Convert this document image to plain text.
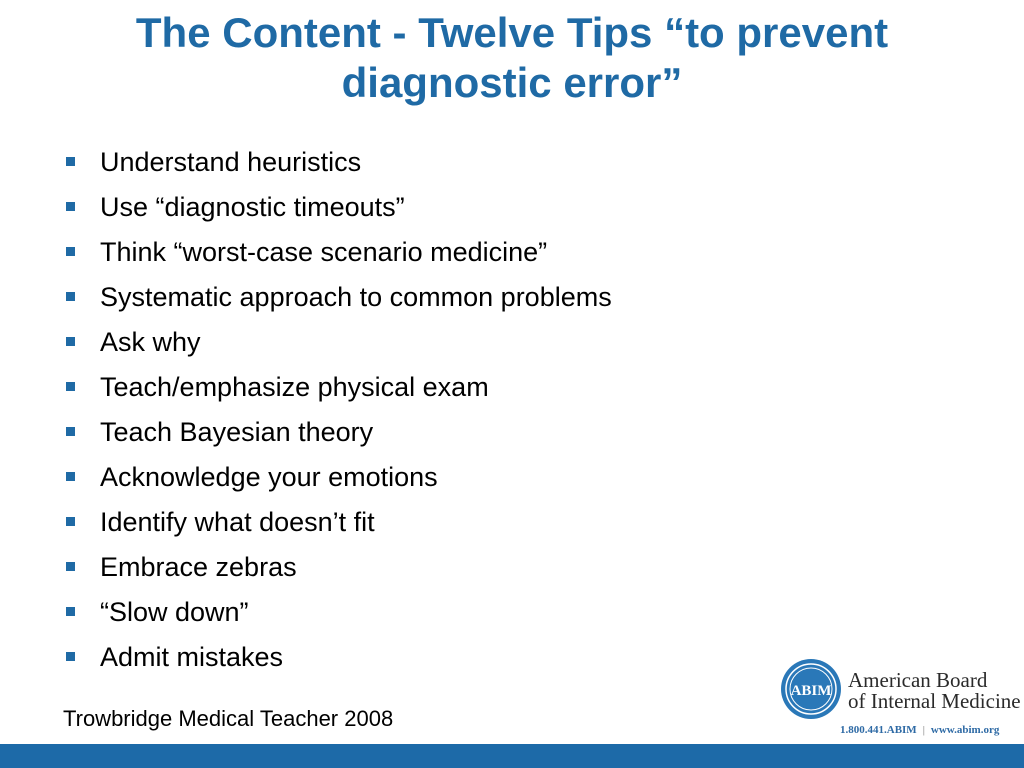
The Content - Twelve Tips “to prevent diagnostic error”
Understand heuristics
Use “diagnostic timeouts”
Think “worst-case scenario medicine”
Systematic approach to common problems
Ask why
Teach/emphasize physical exam
Teach Bayesian theory
Acknowledge your emotions
Identify what doesn’t fit
Embrace zebras
“Slow down”
Admit mistakes
Trowbridge Medical Teacher 2008
ABIM American Board
of Internal Medicine
1.800.441.ABIM | www.abim.org
